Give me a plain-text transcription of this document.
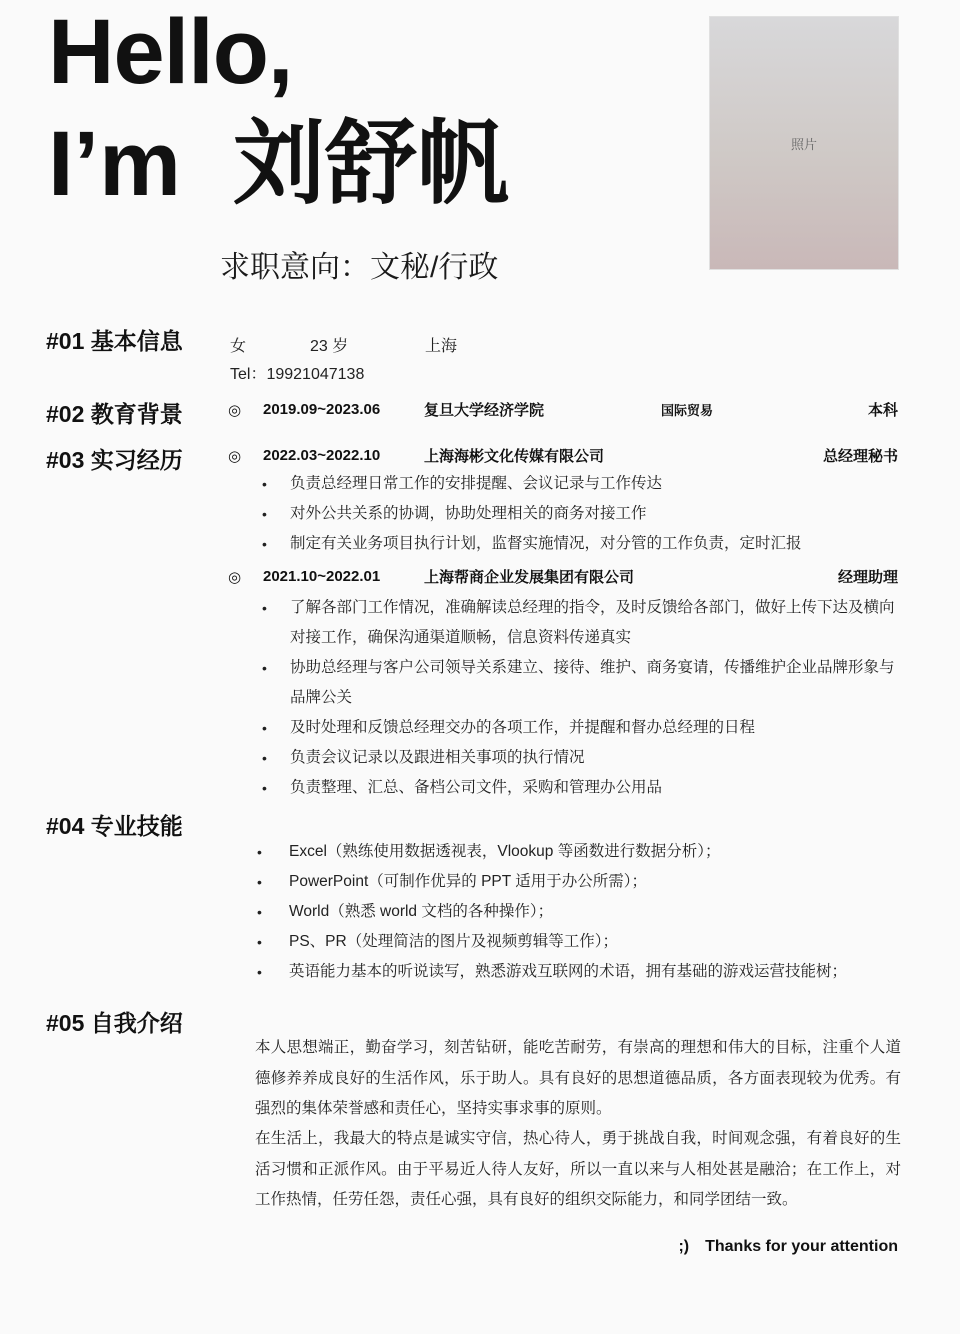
Hello,
I’m 刘舒帆
求职意向：文秘/行政
照片
#01 基本信息	女	23 岁	上海
Tel：19921047138
#02 教育背景	◎	2019.09~2023.06	复旦大学经济学院	国际贸易	本科
#03 实习经历	◎	2022.03~2022.10	上海海彬文化传媒有限公司	总经理秘书
• 负责总经理日常工作的安排提醒、会议记录与工作传达
• 对外公共关系的协调，协助处理相关的商务对接工作
• 制定有关业务项目执行计划，监督实施情况，对分管的工作负责，定时汇报
◎	2021.10~2022.01	上海帮商企业发展集团有限公司	经理助理
• 了解各部门工作情况，准确解读总经理的指令，及时反馈给各部门，做好上传下达及横向对接工作，确保沟通渠道顺畅，信息资料传递真实
• 协助总经理与客户公司领导关系建立、接待、维护、商务宴请，传播维护企业品牌形象与品牌公关
• 及时处理和反馈总经理交办的各项工作，并提醒和督办总经理的日程
• 负责会议记录以及跟进相关事项的执行情况
• 负责整理、汇总、备档公司文件，采购和管理办公用品
#04 专业技能
• Excel（熟练使用数据透视表，Vlookup 等函数进行数据分析）；
• PowerPoint（可制作优异的 PPT 适用于办公所需）；
• World（熟悉 world 文档的各种操作）；
• PS、PR（处理简洁的图片及视频剪辑等工作）；
• 英语能力基本的听说读写，熟悉游戏互联网的术语，拥有基础的游戏运营技能树；
#05 自我介绍

本人思想端正，勤奋学习，刻苦钻研，能吃苦耐劳，有崇高的理想和伟大的目标，注重个人道德修养养成良好的生活作风，乐于助人。具有良好的思想道德品质，各方面表现较为优秀。有强烈的集体荣誉感和责任心，坚持实事求事的原则。

在生活上，我最大的特点是诚实守信，热心待人，勇于挑战自我，时间观念强，有着良好的生活习惯和正派作风。由于平易近人待人友好，所以一直以来与人相处甚是融洽；在工作上，对工作热情，任劳任怨，责任心强，具有良好的组织交际能力，和同学团结一致。

;) Thanks for your attention
